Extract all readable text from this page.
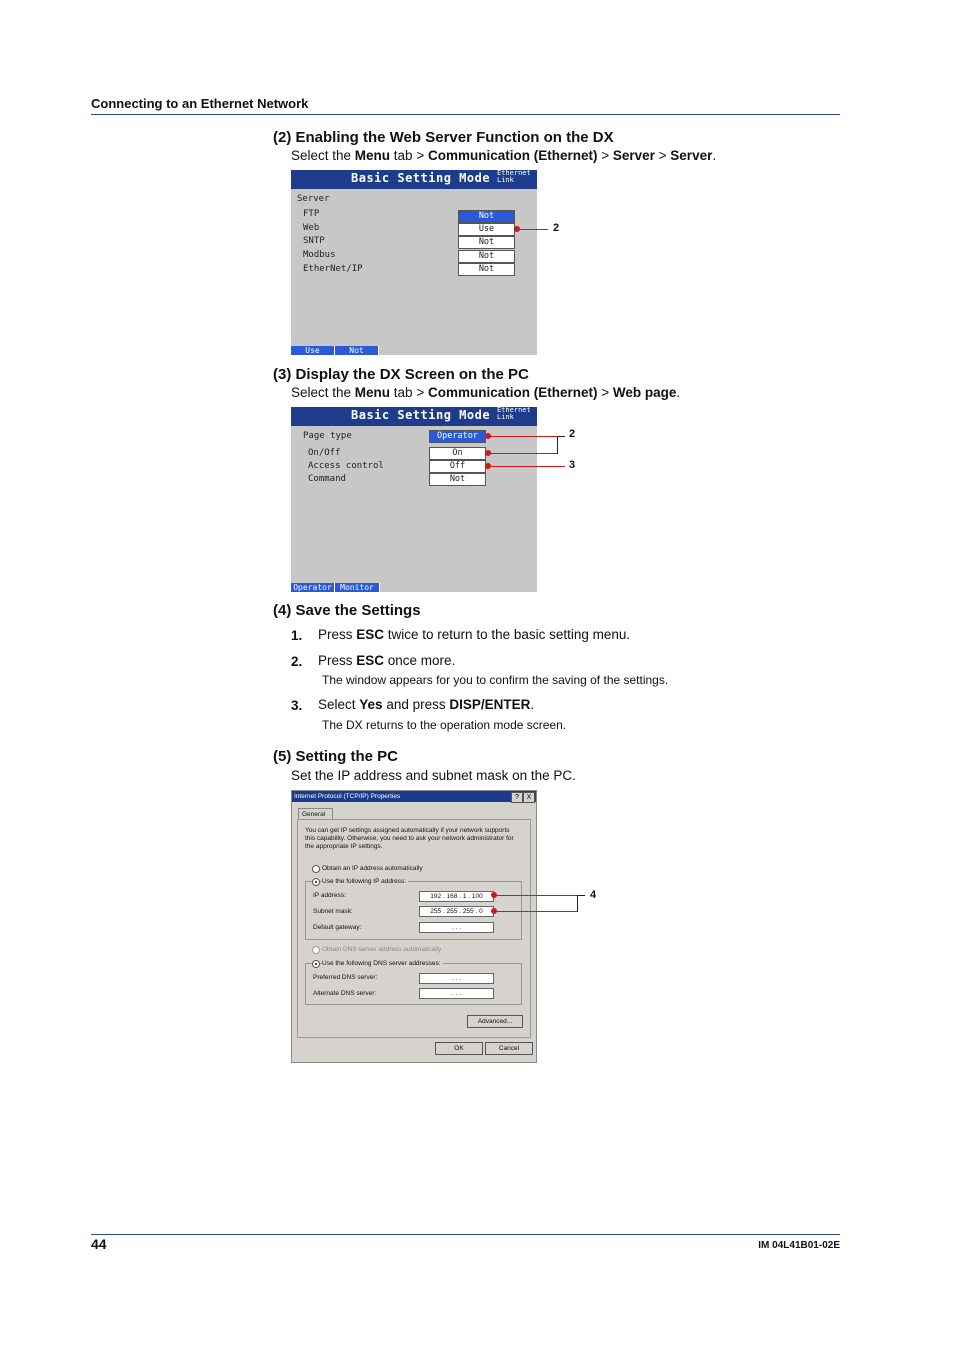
Connecting to an Ethernet Network
44	IM 04L41B01-02E
(2) Enabling the Web Server Function on the DX
Select the Menu tab > Communication (Ethernet) > Server > Server.
Basic Setting Mode Ethernet
Link
Server
FTP	Not
Web	Use
SNTP	Not
Modbus	Not
EtherNet/IP	Not
Use	Not
2
(3) Display the DX Screen on the PC
Select the Menu tab > Communication (Ethernet) > Web page.
Basic Setting Mode Ethernet
Link
Page type	Operator
On/Off	On
Access control	Off
Command	Not
Operator	Monitor
2
3
(4) Save the Settings
1. Press ESC twice to return to the basic setting menu.
2. Press ESC once more.
The window appears for you to confirm the saving of the settings.
3. Select Yes and press DISP/ENTER.
The DX returns to the operation mode screen.
(5) Setting the PC
Set the IP address and subnet mask on the PC.
Internet Protocol (TCP/IP) Properties	?	X
General
You can get IP settings assigned automatically if your network supports
this capability. Otherwise, you need to ask your network administrator for
the appropriate IP settings.
Obtain an IP address automatically
Use the following IP address:
IP address:	192 . 168 . 1 . 100
Subnet mask:	255 . 255 . 255 . 0
Default gateway:	. . .
Obtain DNS server address automatically
Use the following DNS server addresses:
Preferred DNS server:	. . .
Alternate DNS server:	. . .
Advanced...
OK	Cancel
4
